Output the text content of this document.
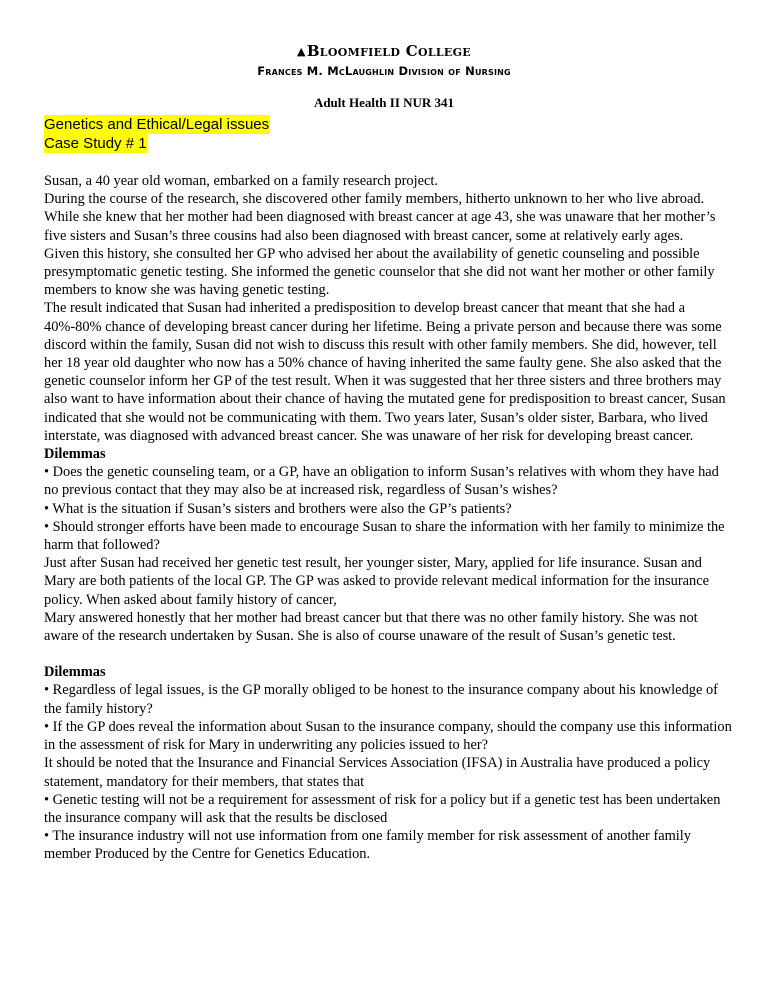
▲Bloomfield College
Frances M. McLaughlin Division of Nursing
Adult Health II NUR 341
Genetics and Ethical/Legal issues
Case Study # 1

Susan, a 40 year old woman, embarked on a family research project.

During the course of the research, she discovered other family members, hitherto unknown to her who live abroad. While she knew that her mother had been diagnosed with breast cancer at age 43, she was unaware that her mother’s five sisters and Susan’s three cousins had also been diagnosed with breast cancer, some at relatively early ages.

Given this history, she consulted her GP who advised her about the availability of genetic counseling and possible presymptomatic genetic testing. She informed the genetic counselor that she did not want her mother or other family members to know she was having genetic testing.

The result indicated that Susan had inherited a predisposition to develop breast cancer that meant that she had a 40%-80% chance of developing breast cancer during her lifetime. Being a private person and because there was some discord within the family, Susan did not wish to discuss this result with other family members. She did, however, tell her 18 year old daughter who now has a 50% chance of having inherited the same faulty gene. She also asked that the genetic counselor inform her GP of the test result. When it was suggested that her three sisters and three brothers may also want to have information about their chance of having the mutated gene for predisposition to breast cancer, Susan indicated that she would not be communicating with them. Two years later, Susan’s older sister, Barbara, who lived interstate, was diagnosed with advanced breast cancer. She was unaware of her risk for developing breast cancer.

Dilemmas

• Does the genetic counseling team, or a GP, have an obligation to inform Susan’s relatives with whom they have had no previous contact that they may also be at increased risk, regardless of Susan’s wishes?

• What is the situation if Susan’s sisters and brothers were also the GP’s patients?

• Should stronger efforts have been made to encourage Susan to share the information with her family to minimize the harm that followed?

Just after Susan had received her genetic test result, her younger sister, Mary, applied for life insurance. Susan and Mary are both patients of the local GP. The GP was asked to provide relevant medical information for the insurance policy. When asked about family history of cancer,

Mary answered honestly that her mother had breast cancer but that there was no other family history. She was not aware of the research undertaken by Susan. She is also of course unaware of the result of Susan’s genetic test.

Dilemmas

• Regardless of legal issues, is the GP morally obliged to be honest to the insurance company about his knowledge of the family history?

• If the GP does reveal the information about Susan to the insurance company, should the company use this information in the assessment of risk for Mary in underwriting any policies issued to her?

It should be noted that the Insurance and Financial Services Association (IFSA) in Australia have produced a policy statement, mandatory for their members, that states that

• Genetic testing will not be a requirement for assessment of risk for a policy but if a genetic test has been undertaken the insurance company will ask that the results be disclosed

• The insurance industry will not use information from one family member for risk assessment of another family member Produced by the Centre for Genetics Education.
